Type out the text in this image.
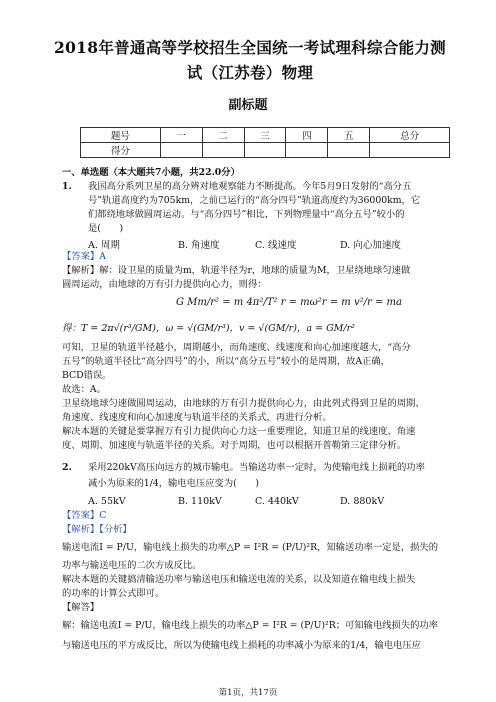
2018年普通高等学校招生全国统一考试理科综合能力测
试（江苏卷）物理
副标题
题号	一	二	三	四	五	总分
得分						
一、单选题（本大题共7小题，共22.0分）
1. 我国高分系列卫星的高分辨对地观察能力不断提高。今年5月9日发射的“高分五
号”轨道高度约为705km，之前已运行的“高分四号”轨道高度约为36000km，它
们都绕地球做圆周运动。与“高分四号”相比，下列物理量中“高分五号”较小的
是(　　)
A. 周期	B. 角速度	C. 线速度	D. 向心加速度
【答案】A
【解析】解：设卫星的质量为m，轨道半径为r，地球的质量为M，卫星绕地球匀速做
圆周运动，由地球的万有引力提供向心力，则得：
G Mm/r² = m 4π²/T² r = mω²r = m v²/r = ma
得：T = 2π√(r³/GM)，ω = √(GM/r³)，v = √(GM/r)，a = GM/r²
可知，卫星的轨道半径越小，周期越小，而角速度、线速度和向心加速度越大，“高分
五号”的轨道半径比“高分四号”的小，所以“高分五号”较小的是周期，故A正确，
BCD错误。
故选：A。
卫星绕地球匀速做圆周运动，由地球的万有引力提供向心力，由此列式得到卫星的周期、
角速度、线速度和向心加速度与轨道半径的关系式，再进行分析。
解决本题的关键是要掌握万有引力提供向心力这一重要理论，知道卫星的线速度、角速
度、周期、加速度与轨道半径的关系。对于周期，也可以根据开普勒第三定律分析。
2. 采用220kV高压向远方的城市输电。当输送功率一定时，为使输电线上损耗的功率
减小为原来的1/4，输电电压应变为(　　)
A. 55kV	B. 110kV	C. 440kV	D. 880kV
【答案】C
【解析】【分析】
输送电流I = P/U，输电线上损失的功率△P = I²R = (P/U)²R，知输送功率一定是，损失的
功率与输送电压的二次方成反比。
解决本题的关键搞清输送功率与输送电压和输送电流的关系，以及知道在输电线上损失
的功率的计算公式即可。
【解答】
解：输送电流I = P/U，输电线上损失的功率△P = I²R = (P/U)²R；可知输电线损失的功率
与输送电压的平方成反比，所以为使输电线上损耗的功率减小为原来的1/4，输电电压应
第1页，共17页
